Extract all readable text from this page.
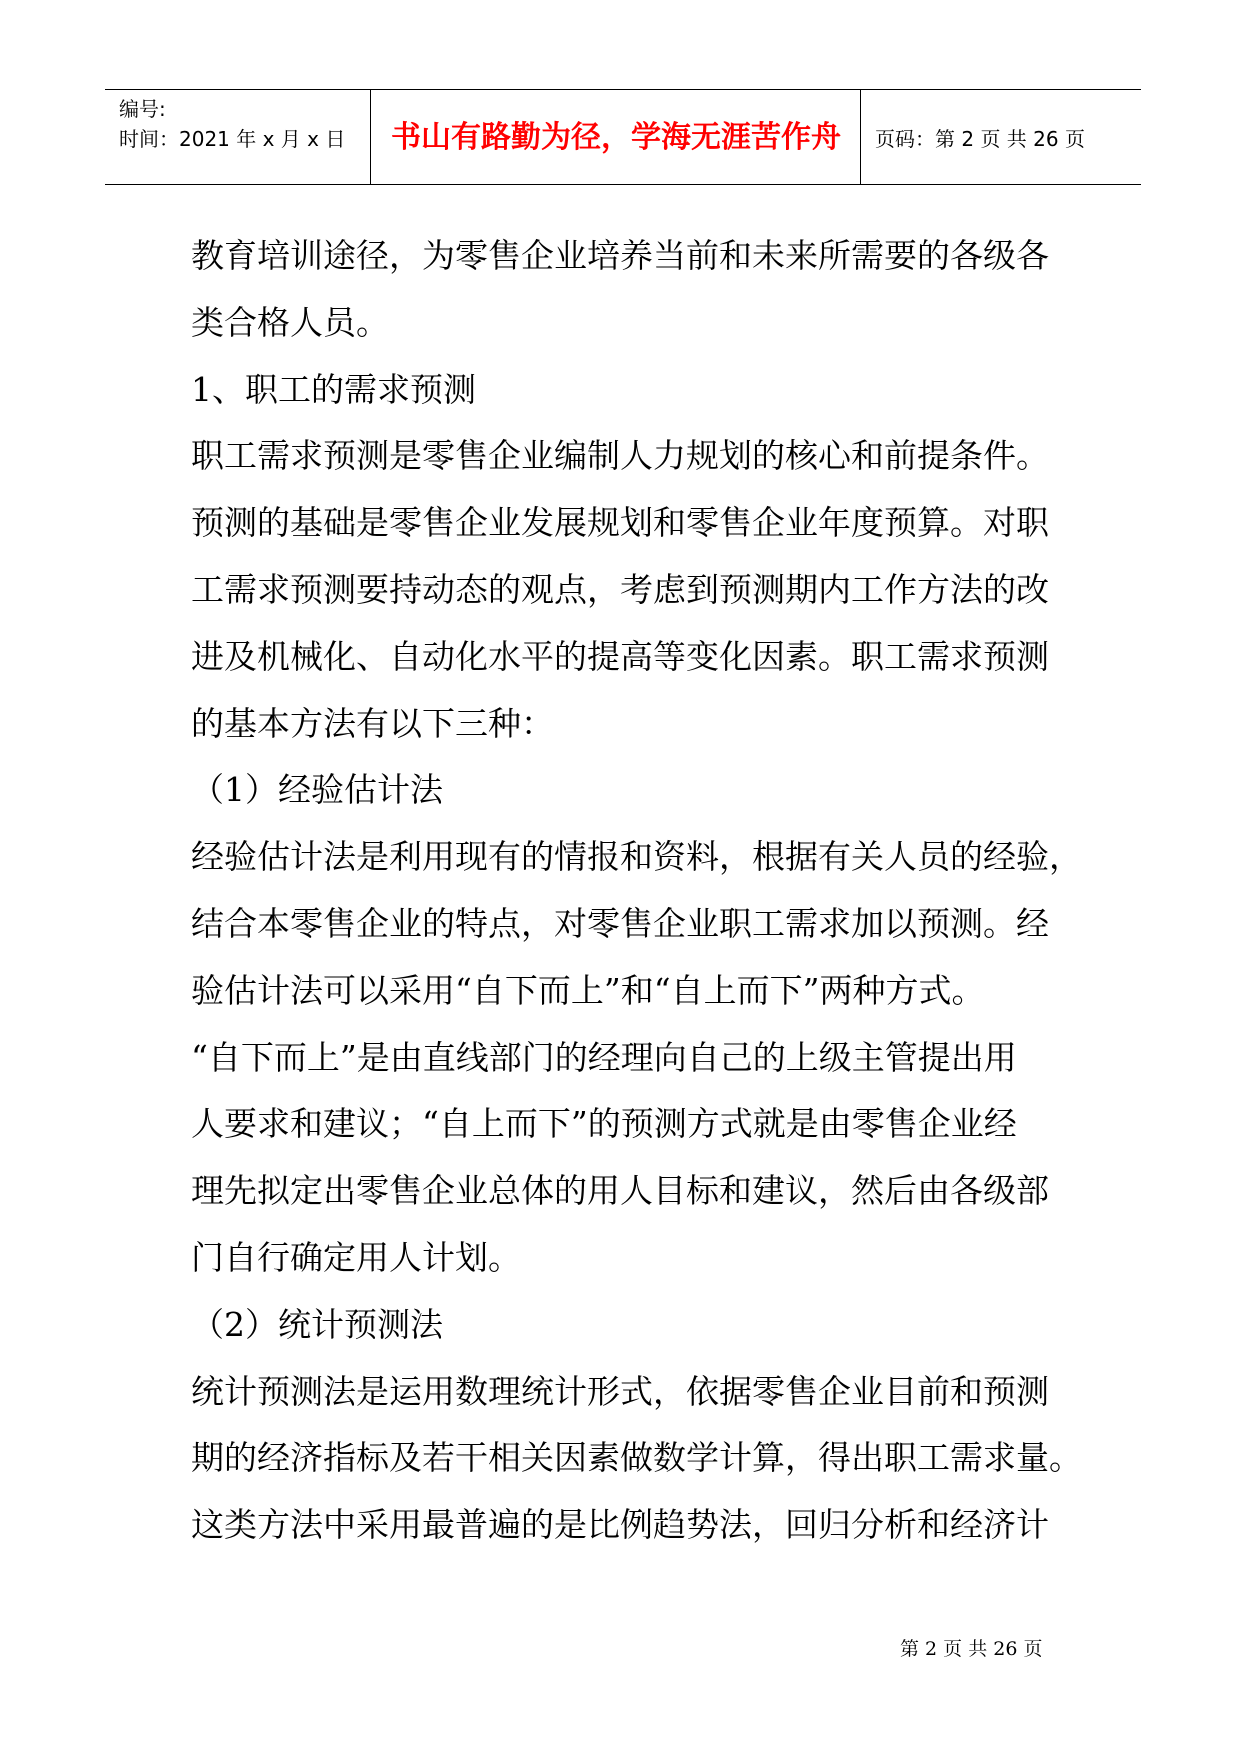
编号:
时间：2021 年 x 月 x 日	书山有路勤为径，学海无涯苦作舟	页码：第 2 页 共 26 页

教育培训途径，为零售企业培养当前和未来所需要的各级各

类合格人员。

1、职工的需求预测

职工需求预测是零售企业编制人力规划的核心和前提条件。

预测的基础是零售企业发展规划和零售企业年度预算。对职

工需求预测要持动态的观点，考虑到预测期内工作方法的改

进及机械化、自动化水平的提高等变化因素。职工需求预测

的基本方法有以下三种：

（1）经验估计法

经验估计法是利用现有的情报和资料，根据有关人员的经验，

结合本零售企业的特点，对零售企业职工需求加以预测。经

验估计法可以采用“自下而上”和“自上而下”两种方式。

“自下而上”是由直线部门的经理向自己的上级主管提出用

人要求和建议；“自上而下”的预测方式就是由零售企业经

理先拟定出零售企业总体的用人目标和建议，然后由各级部

门自行确定用人计划。

（2）统计预测法

统计预测法是运用数理统计形式，依据零售企业目前和预测

期的经济指标及若干相关因素做数学计算，得出职工需求量。

这类方法中采用最普遍的是比例趋势法，回归分析和经济计

第 2 页 共 26 页
